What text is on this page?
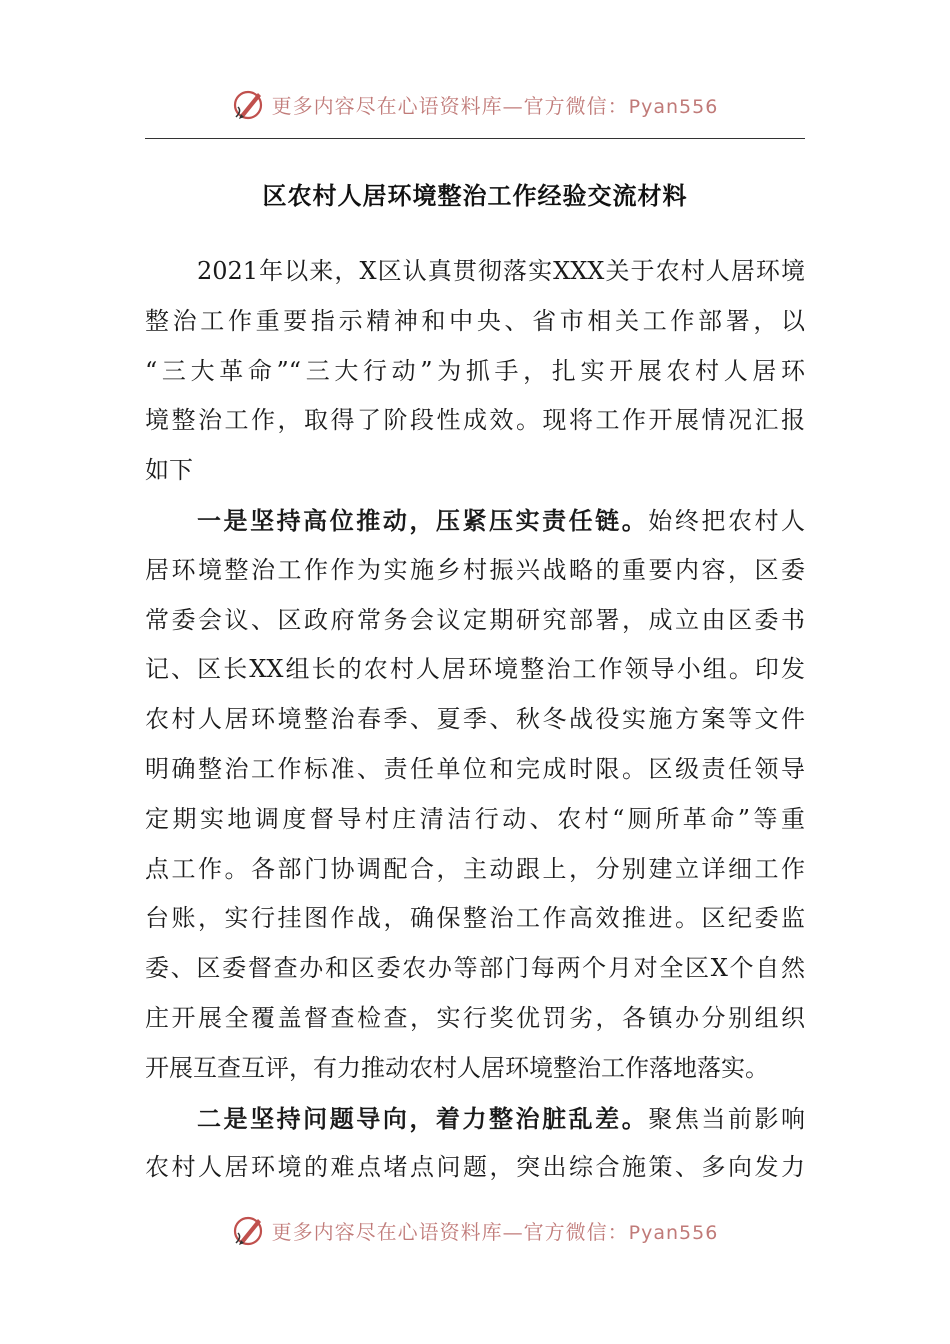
更多内容尽在心语资料库—官方微信：Pyan556
区农村人居环境整治工作经验交流材料
2021年以来，X区认真贯彻落实XXX关于农村人居环境
整治工作重要指示精神和中央、省市相关工作部署，以
“三大革命”“三大行动”为抓手，扎实开展农村人居环
境整治工作，取得了阶段性成效。现将工作开展情况汇报
如下
一是坚持高位推动，压紧压实责任链。始终把农村人
居环境整治工作作为实施乡村振兴战略的重要内容，区委
常委会议、区政府常务会议定期研究部署，成立由区委书
记、区长XX组长的农村人居环境整治工作领导小组。印发
农村人居环境整治春季、夏季、秋冬战役实施方案等文件
明确整治工作标准、责任单位和完成时限。区级责任领导
定期实地调度督导村庄清洁行动、农村“厕所革命”等重
点工作。各部门协调配合，主动跟上，分别建立详细工作
台账，实行挂图作战，确保整治工作高效推进。区纪委监
委、区委督查办和区委农办等部门每两个月对全区X个自然
庄开展全覆盖督查检查，实行奖优罚劣，各镇办分别组织
开展互查互评，有力推动农村人居环境整治工作落地落实。
二是坚持问题导向，着力整治脏乱差。聚焦当前影响
农村人居环境的难点堵点问题，突出综合施策、多向发力
更多内容尽在心语资料库—官方微信：Pyan556
